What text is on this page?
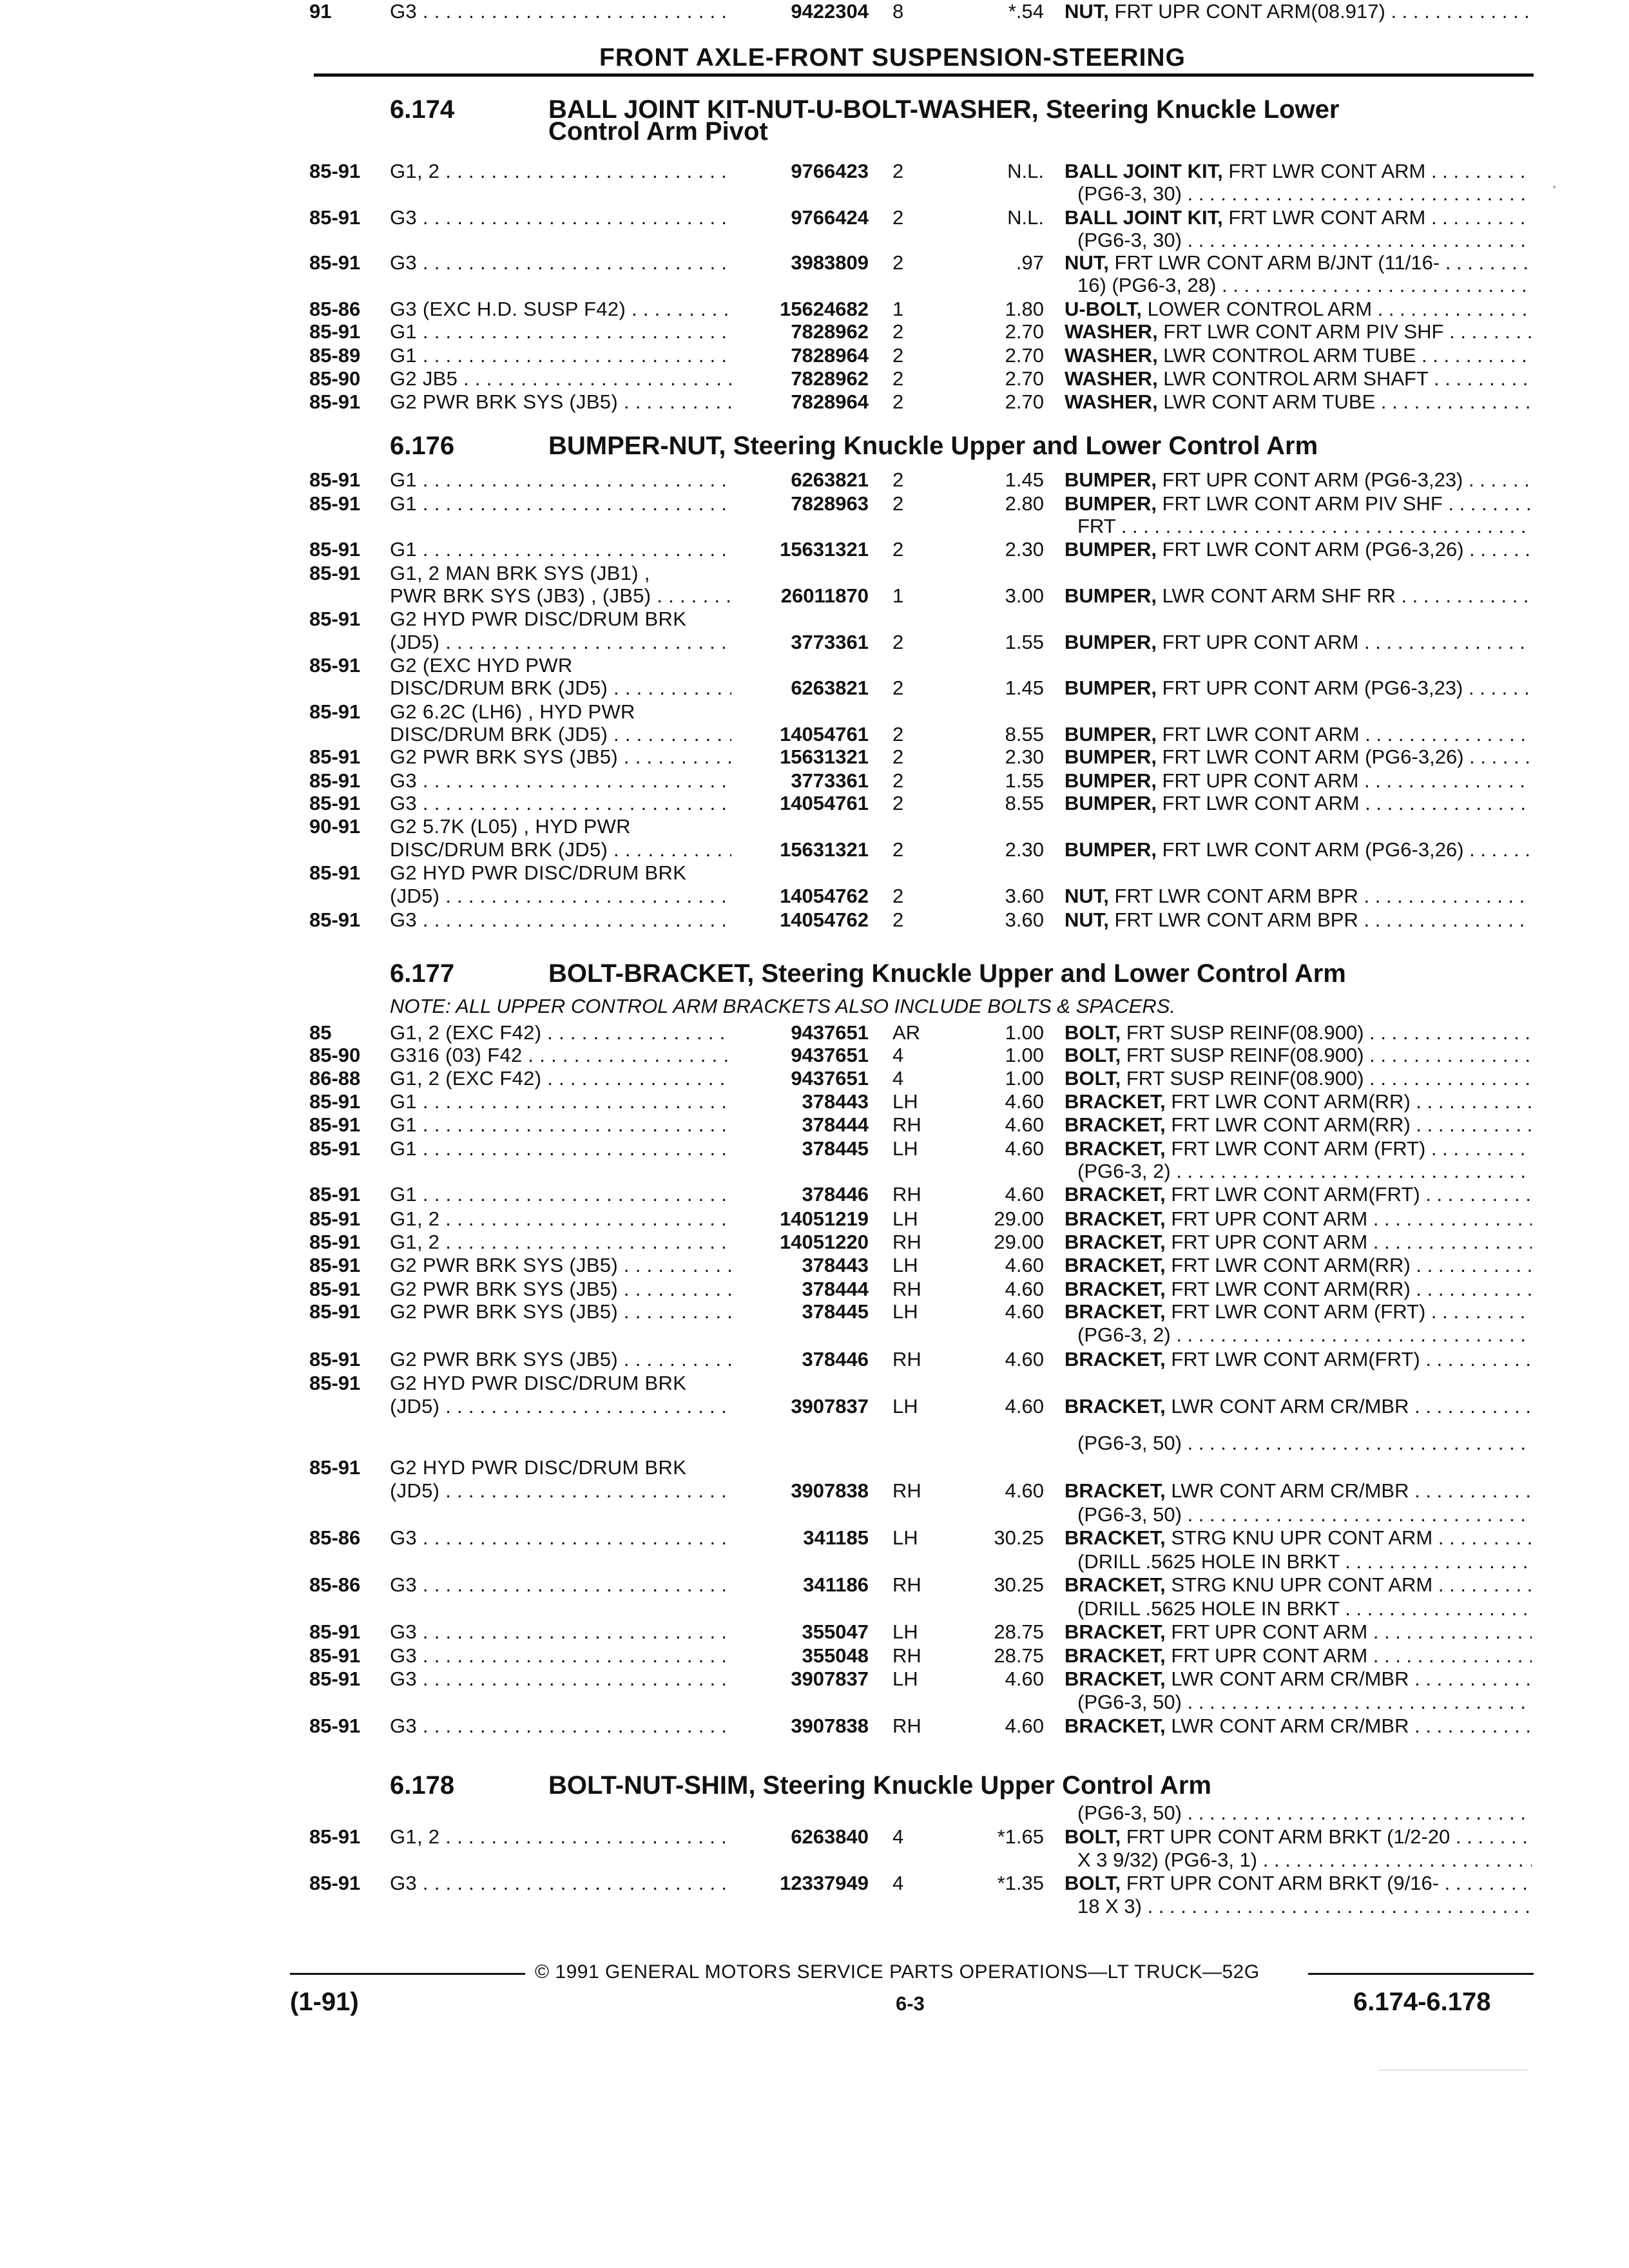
FRONT AXLE-FRONT SUSPENSION-STEERING
6.174	BALL JOINT KIT-NUT-U-BOLT-WASHER, Steering Knuckle Lower
Control Arm Pivot
6.176	BUMPER-NUT, Steering Knuckle Upper and Lower Control Arm
6.177	BOLT-BRACKET, Steering Knuckle Upper and Lower Control Arm
NOTE: ALL UPPER CONTROL ARM BRACKETS ALSO INCLUDE BOLTS & SPACERS.
6.178	BOLT-NUT-SHIM, Steering Knuckle Upper Control Arm
85-91 G1, 2 . . .	9766423 2	N.L. BALL JOINT KIT, FRT LWR CONT ARM . . .
(PG6-3, 30) . . .
85-91 G3 . . .	9766424 2	N.L. BALL JOINT KIT, FRT LWR CONT ARM . . .
(PG6-3, 30) . . .
85-91 G3 . . .	3983809 2	.97 NUT, FRT LWR CONT ARM B/JNT (11/16- . . .
16) (PG6-3, 28) . . .
85-86 G3 (EXC H.D. SUSP F42) . . .	15624682 1	1.80 U-BOLT, LOWER CONTROL ARM . . .
85-91 G1 . . .	7828962 2	2.70 WASHER, FRT LWR CONT ARM PIV SHF . . .
85-89 G1 . . .	7828964 2	2.70 WASHER, LWR CONTROL ARM TUBE . . .
85-90 G2 JB5 . . .	7828962 2	2.70 WASHER, LWR CONTROL ARM SHAFT . . .
85-91 G2 PWR BRK SYS (JB5) . . .	7828964 2	2.70 WASHER, LWR CONT ARM TUBE . . .
85-91 G1 . . .	6263821 2	1.45 BUMPER, FRT UPR CONT ARM (PG6-3,23) . . .
85-91 G1 . . .	7828963 2	2.80 BUMPER, FRT LWR CONT ARM PIV SHF . . .
FRT . . .
85-91 G1 . . .	15631321 2	2.30 BUMPER, FRT LWR CONT ARM (PG6-3,26) . . .
85-91 G1, 2 MAN BRK SYS (JB1) ,
PWR BRK SYS (JB3) , (JB5) . . .	26011870 1	3.00 BUMPER, LWR CONT ARM SHF RR . . .
85-91 G2 HYD PWR DISC/DRUM BRK
(JD5) . . .	3773361 2	1.55 BUMPER, FRT UPR CONT ARM . . .
85-91 G2 (EXC HYD PWR
DISC/DRUM BRK (JD5) . . .	6263821 2	1.45 BUMPER, FRT UPR CONT ARM (PG6-3,23) . . .
85-91 G2 6.2C (LH6) , HYD PWR
DISC/DRUM BRK (JD5) . . .	14054761 2	8.55 BUMPER, FRT LWR CONT ARM . . .
85-91 G2 PWR BRK SYS (JB5) . . .	15631321 2	2.30 BUMPER, FRT LWR CONT ARM (PG6-3,26) . . .
85-91 G3 . . .	3773361 2	1.55 BUMPER, FRT UPR CONT ARM . . .
85-91 G3 . . .	14054761 2	8.55 BUMPER, FRT LWR CONT ARM . . .
90-91 G2 5.7K (L05) , HYD PWR
DISC/DRUM BRK (JD5) . . .	15631321 2	2.30 BUMPER, FRT LWR CONT ARM (PG6-3,26) . . .
85-91 G2 HYD PWR DISC/DRUM BRK
(JD5) . . .	14054762 2	3.60 NUT, FRT LWR CONT ARM BPR . . .
85-91 G3 . . .	14054762 2	3.60 NUT, FRT LWR CONT ARM BPR . . .
85	G1, 2 (EXC F42) . . .	9437651 AR	1.00 BOLT, FRT SUSP REINF(08.900) . . .
85-90 G316 (03) F42 . . .	9437651 4	1.00 BOLT, FRT SUSP REINF(08.900) . . .
86-88 G1, 2 (EXC F42) . . .	9437651 4	1.00 BOLT, FRT SUSP REINF(08.900) . . .
85-91 G1 . . .	378443 LH	4.60 BRACKET, FRT LWR CONT ARM(RR) . . .
85-91 G1 . . .	378444 RH	4.60 BRACKET, FRT LWR CONT ARM(RR) . . .
85-91 G1 . . .	378445 LH	4.60 BRACKET, FRT LWR CONT ARM (FRT) . . .
(PG6-3, 2) . . .
85-91 G1 . . .	378446 RH	4.60 BRACKET, FRT LWR CONT ARM(FRT) . . .
85-91 G1, 2 . . .	14051219 LH	29.00 BRACKET, FRT UPR CONT ARM . . .
85-91 G1, 2 . . .	14051220 RH	29.00 BRACKET, FRT UPR CONT ARM . . .
85-91 G2 PWR BRK SYS (JB5) . . .	378443 LH	4.60 BRACKET, FRT LWR CONT ARM(RR) . . .
85-91 G2 PWR BRK SYS (JB5) . . .	378444 RH	4.60 BRACKET, FRT LWR CONT ARM(RR) . . .
85-91 G2 PWR BRK SYS (JB5) . . .	378445 LH	4.60 BRACKET, FRT LWR CONT ARM (FRT) . . .
(PG6-3, 2) . . .
85-91 G2 PWR BRK SYS (JB5) . . .	378446 RH	4.60 BRACKET, FRT LWR CONT ARM(FRT) . . .
85-91 G2 HYD PWR DISC/DRUM BRK
(JD5) . . .	3907837 LH	4.60 BRACKET, LWR CONT ARM CR/MBR . . .
(PG6-3, 50) . . .
85-91 G2 HYD PWR DISC/DRUM BRK
(JD5) . . .	3907838 RH	4.60 BRACKET, LWR CONT ARM CR/MBR . . .
(PG6-3, 50) . . .
85-86 G3 . . .	341185 LH	30.25 BRACKET, STRG KNU UPR CONT ARM . . .
(DRILL .5625 HOLE IN BRKT . . .
85-86 G3 . . .	341186 RH	30.25 BRACKET, STRG KNU UPR CONT ARM . . .
(DRILL .5625 HOLE IN BRKT . . .
85-91 G3 . . .	355047 LH	28.75 BRACKET, FRT UPR CONT ARM . . .
85-91 G3 . . .	355048 RH	28.75 BRACKET, FRT UPR CONT ARM . . .
85-91 G3 . . .	3907837 LH	4.60 BRACKET, LWR CONT ARM CR/MBR . . .
(PG6-3, 50) . . .
85-91 G3 . . .	3907838 RH	4.60 BRACKET, LWR CONT ARM CR/MBR . . .
(PG6-3, 50) . . .
85-91 G1, 2 . . .	6263840 4	*1.65 BOLT, FRT UPR CONT ARM BRKT (1/2-20 . . .
X 3 9/32) (PG6-3, 1) . . .
85-91 G3 . . .	12337949 4	*1.35 BOLT, FRT UPR CONT ARM BRKT (9/16- . . .
18 X 3) . . .
91	G3 . . .	9422304 8	*.54 NUT, FRT UPR CONT ARM(08.917) . . .
© 1991 GENERAL MOTORS SERVICE PARTS OPERATIONS—LT TRUCK—52G
(1-91)	6-3	6.174-6.178
